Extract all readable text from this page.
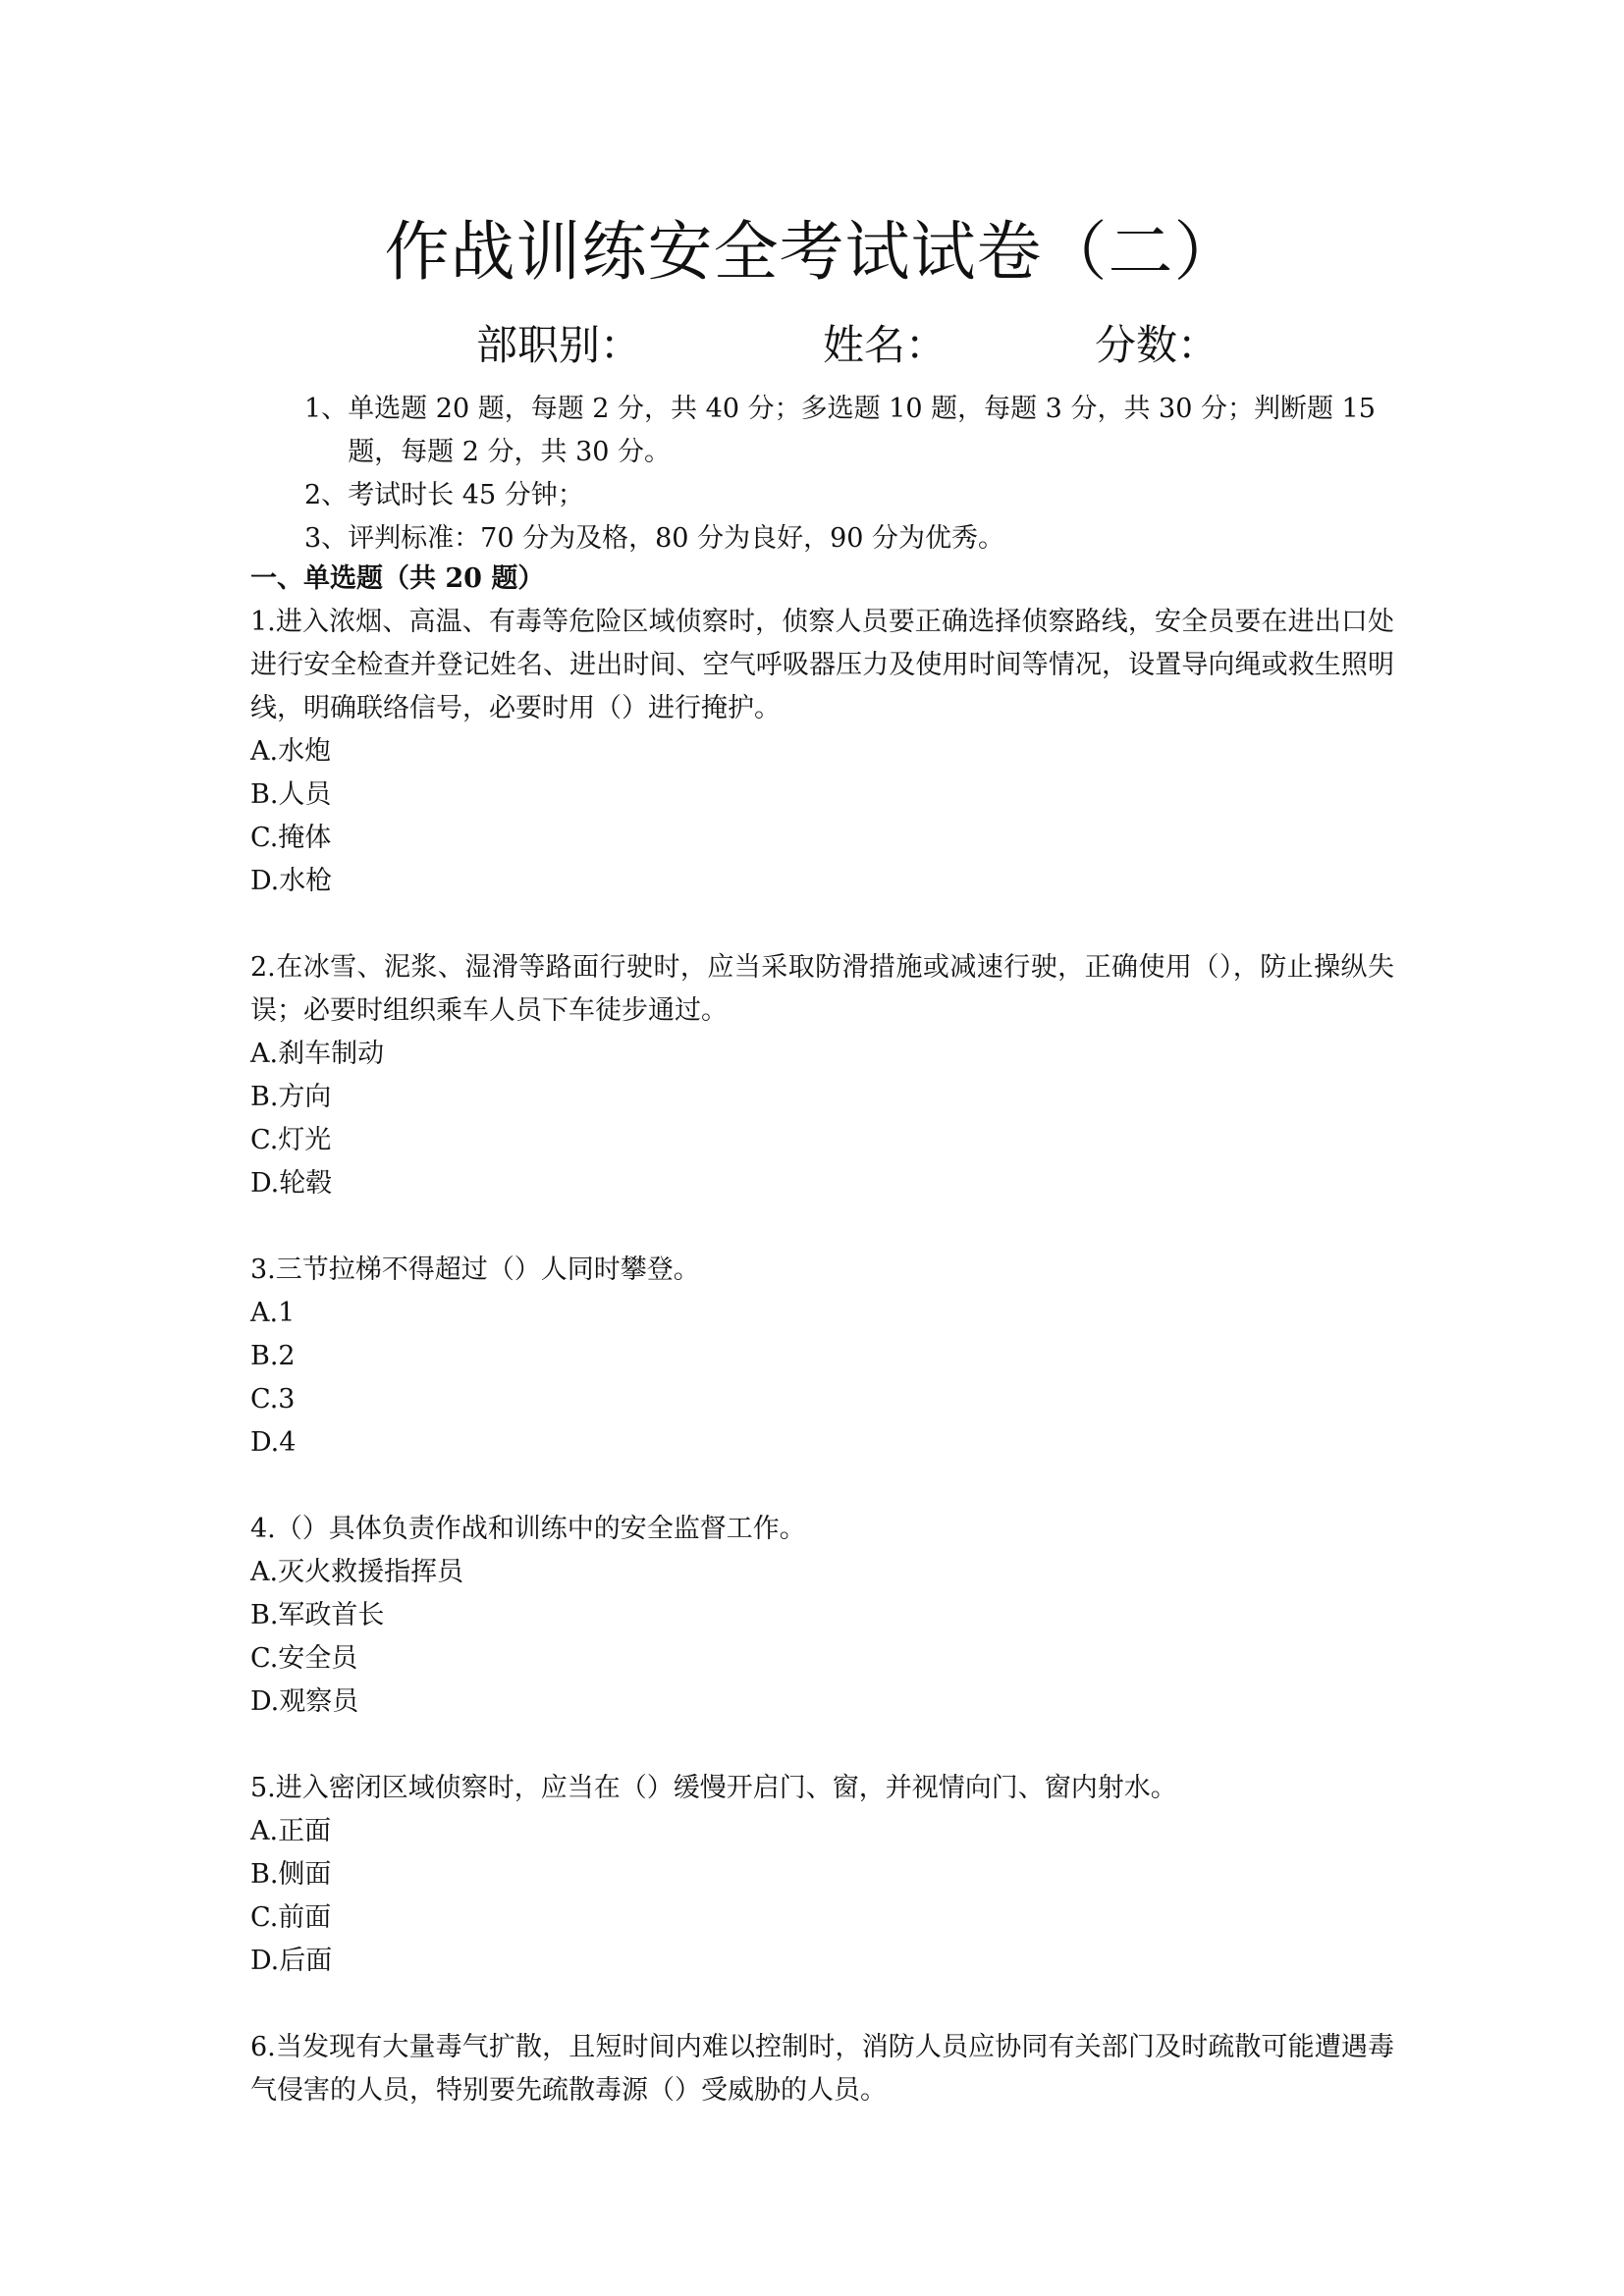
作战训练安全考试试卷（二）
部职别：	姓名：	分数：
1、 单选题 20 题，每题 2 分，共 40 分；多选题 10 题，每题 3 分，共 30 分；判断题 15 题，每题 2 分，共 30 分。
2、 考试时长 45 分钟；
3、 评判标准：70 分为及格，80 分为良好，90 分为优秀。
一、单选题（共 20 题）

1.进入浓烟、高温、有毒等危险区域侦察时，侦察人员要正确选择侦察路线，安全员要在进出口处进行安全检查并登记姓名、进出时间、空气呼吸器压力及使用时间等情况，设置导向绳或救生照明线，明确联络信号，必要时用（）进行掩护。

A.水炮

B.人员

C.掩体

D.水枪

2.在冰雪、泥浆、湿滑等路面行驶时，应当采取防滑措施或减速行驶，正确使用（），防止操纵失误；必要时组织乘车人员下车徒步通过。

A.刹车制动

B.方向

C.灯光

D.轮毂

3.三节拉梯不得超过（）人同时攀登。

A.1

B.2

C.3

D.4

4.（）具体负责作战和训练中的安全监督工作。

A.灭火救援指挥员

B.军政首长

C.安全员

D.观察员

5.进入密闭区域侦察时，应当在（）缓慢开启门、窗，并视情向门、窗内射水。

A.正面

B.侧面

C.前面

D.后面

6.当发现有大量毒气扩散，且短时间内难以控制时，消防人员应协同有关部门及时疏散可能遭遇毒气侵害的人员，特别要先疏散毒源（）受威胁的人员。
